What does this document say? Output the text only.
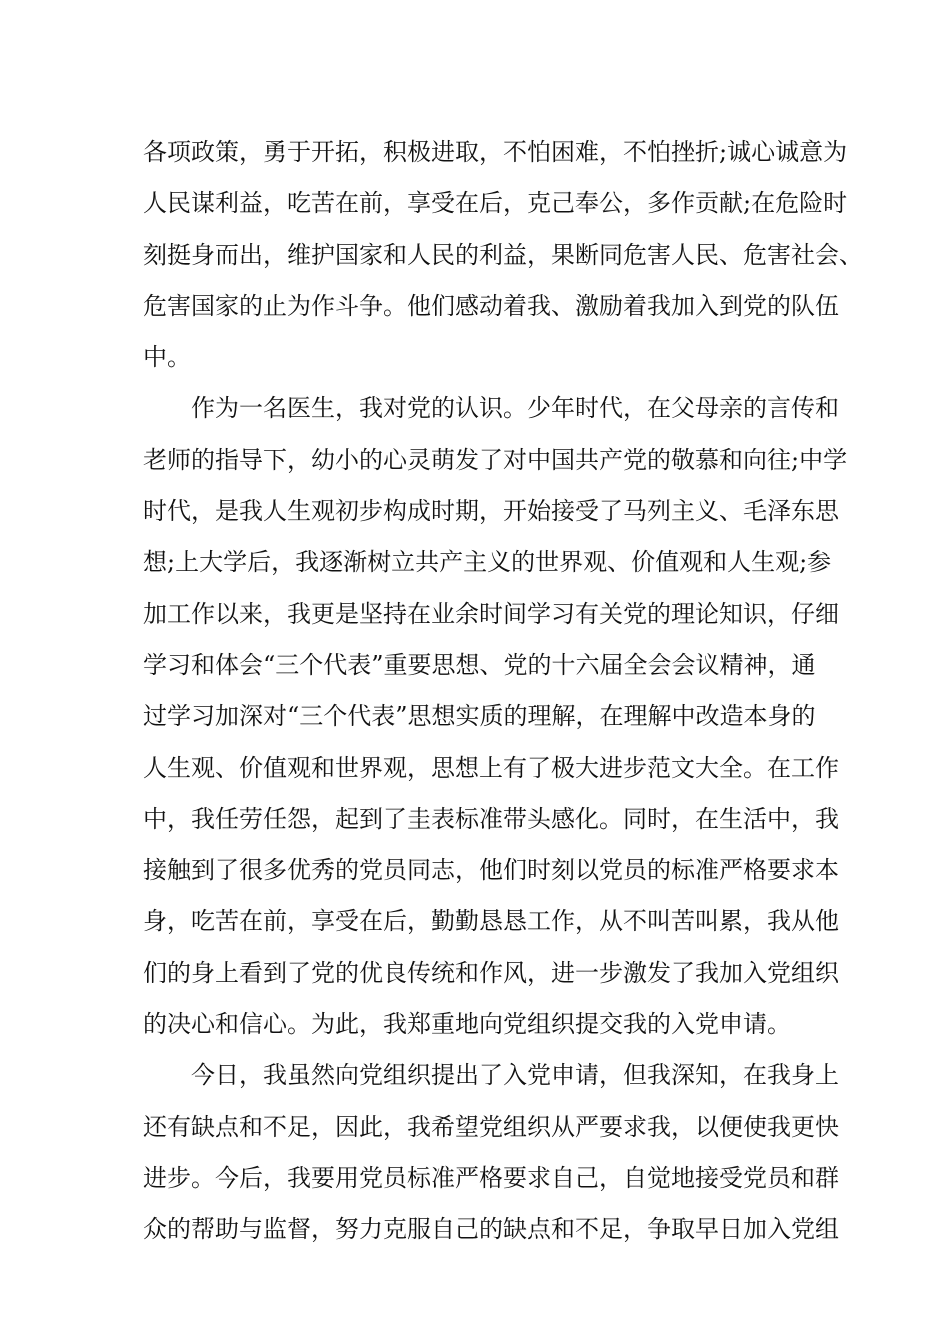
各项政策，勇于开拓，积极进取，不怕困难，不怕挫折;诚心诚意为
人民谋利益，吃苦在前，享受在后，克己奉公，多作贡献;在危险时
刻挺身而出，维护国家和人民的利益，果断同危害人民、危害社会、
危害国家的止为作斗争。他们感动着我、激励着我加入到党的队伍
中。
作为一名医生，我对党的认识。少年时代，在父母亲的言传和
老师的指导下，幼小的心灵萌发了对中国共产党的敬慕和向往;中学
时代，是我人生观初步构成时期，开始接受了马列主义、毛泽东思
想;上大学后，我逐渐树立共产主义的世界观、价值观和人生观;参
加工作以来，我更是坚持在业余时间学习有关党的理论知识，仔细
学习和体会“三个代表”重要思想、党的十六届全会会议精神，通
过学习加深对“三个代表”思想实质的理解，在理解中改造本身的
人生观、价值观和世界观，思想上有了极大进步范文大全。在工作
中，我任劳任怨，起到了圭表标准带头感化。同时，在生活中，我
接触到了很多优秀的党员同志，他们时刻以党员的标准严格要求本
身，吃苦在前，享受在后，勤勤恳恳工作，从不叫苦叫累，我从他
们的身上看到了党的优良传统和作风，进一步激发了我加入党组织
的决心和信心。为此，我郑重地向党组织提交我的入党申请。
今日，我虽然向党组织提出了入党申请，但我深知，在我身上
还有缺点和不足，因此，我希望党组织从严要求我，以便使我更快
进步。今后，我要用党员标准严格要求自己，自觉地接受党员和群
众的帮助与监督，努力克服自己的缺点和不足，争取早日加入党组
